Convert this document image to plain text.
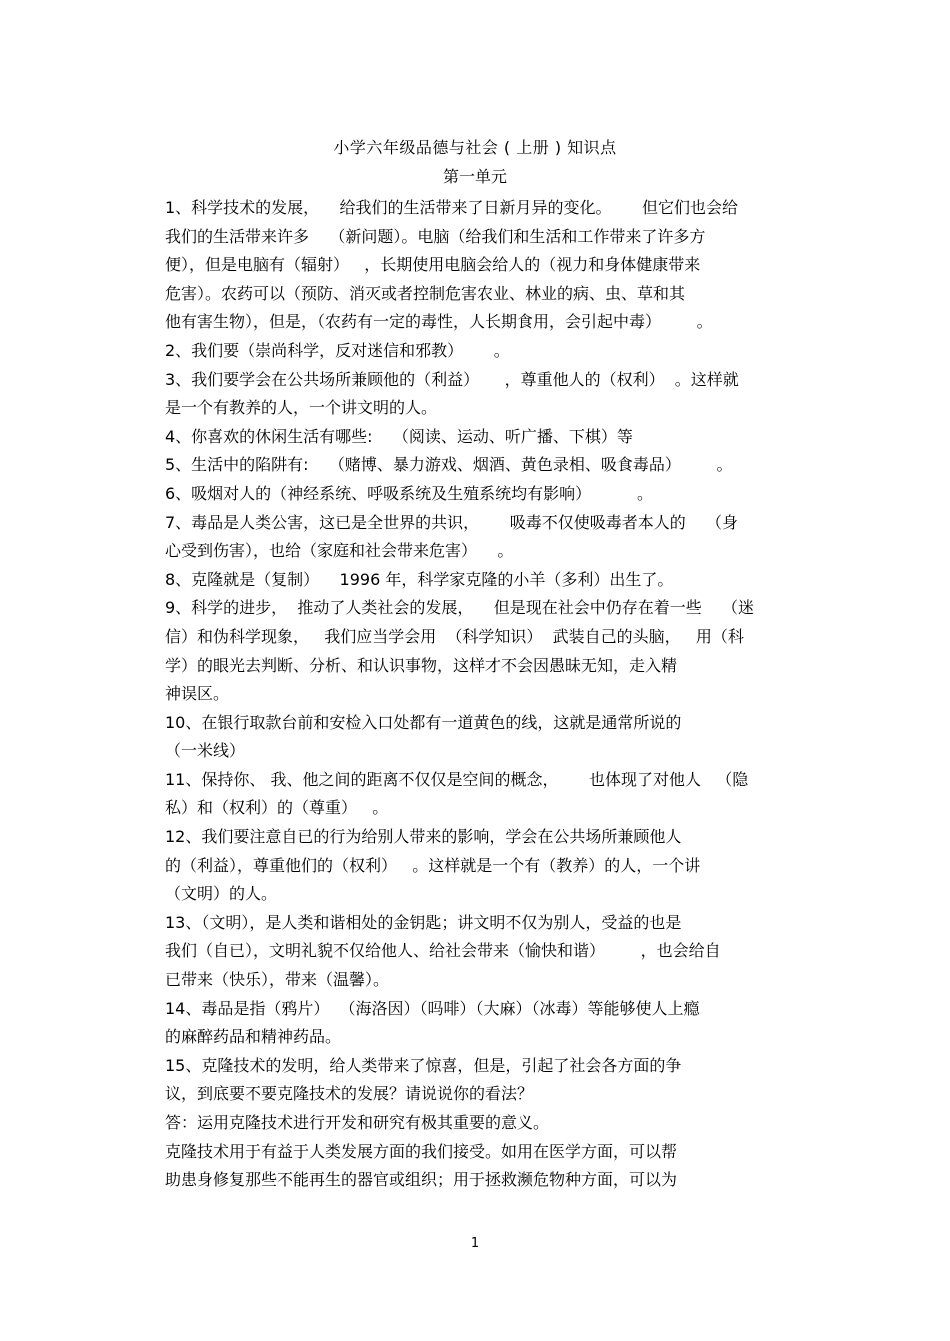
小学六年级品德与社会 ( 上册 ) 知识点
第一单元
1、科学技术的发展，    给我们的生活带来了日新月异的变化。      但它们也会给
我们的生活带来许多    （新问题）。电脑（给我们和生活和工作带来了许多方
便），但是电脑有（辐射）   ，长期使用电脑会给人的（视力和身体健康带来
危害）。农药可以（预防、消灭或者控制危害农业、林业的病、虫、草和其
他有害生物），但是，（农药有一定的毒性，人长期食用，会引起中毒）       。
2、我们要（崇尚科学，反对迷信和邪教）      。
3、我们要学会在公共场所兼顾他的（利益）     ，尊重他人的（权利）  。这样就
是一个有教养的人，一个讲文明的人。
4、你喜欢的休闲生活有哪些:    （阅读、运动、听广播、下棋）等
5、生活中的陷阱有:    （赌博、暴力游戏、烟酒、黄色录相、吸食毒品）       。
6、吸烟对人的（神经系统、呼吸系统及生殖系统均有影响）         。
7、毒品是人类公害，这已是全世界的共识，      吸毒不仅使吸毒者本人的    （身
心受到伤害），也给（家庭和社会带来危害）    。
8、克隆就是（复制）    1996 年，科学家克隆的小羊（多利）出生了。
9、科学的进步，  推动了人类社会的发展，    但是现在社会中仍存在着一些    （迷
信）和伪科学现象，   我们应当学会用  （科学知识）  武装自己的头脑，   用（科
学）的眼光去判断、分析、和认识事物，这样才不会因愚昧无知，走入精
神误区。
10、在银行取款台前和安检入口处都有一道黄色的线，这就是通常所说的
（一米线）
11、保持你、 我、他之间的距离不仅仅是空间的概念，      也体现了对他人   （隐
私）和（权利）的（尊重）   。
12、我们要注意自已的行为给别人带来的影响，学会在公共场所兼顾他人
的（利益），尊重他们的（权利）   。这样就是一个有（教养）的人，一个讲
（文明）的人。
13、（文明），是人类和谐相处的金钥匙；讲文明不仅为别人，受益的也是
我们（自已），文明礼貌不仅给他人、给社会带来（愉快和谐）       ，也会给自
已带来（快乐），带来（温馨）。
14、毒品是指（鸦片）  （海洛因）（吗啡）（大麻）（冰毒）等能够使人上瘾
的麻醉药品和精神药品。
15、克隆技术的发明，给人类带来了惊喜，但是，引起了社会各方面的争
议，到底要不要克隆技术的发展？请说说你的看法？
答：运用克隆技术进行开发和研究有极其重要的意义。
克隆技术用于有益于人类发展方面的我们接受。如用在医学方面，可以帮
助患身修复那些不能再生的器官或组织；用于拯救濒危物种方面，可以为
1
